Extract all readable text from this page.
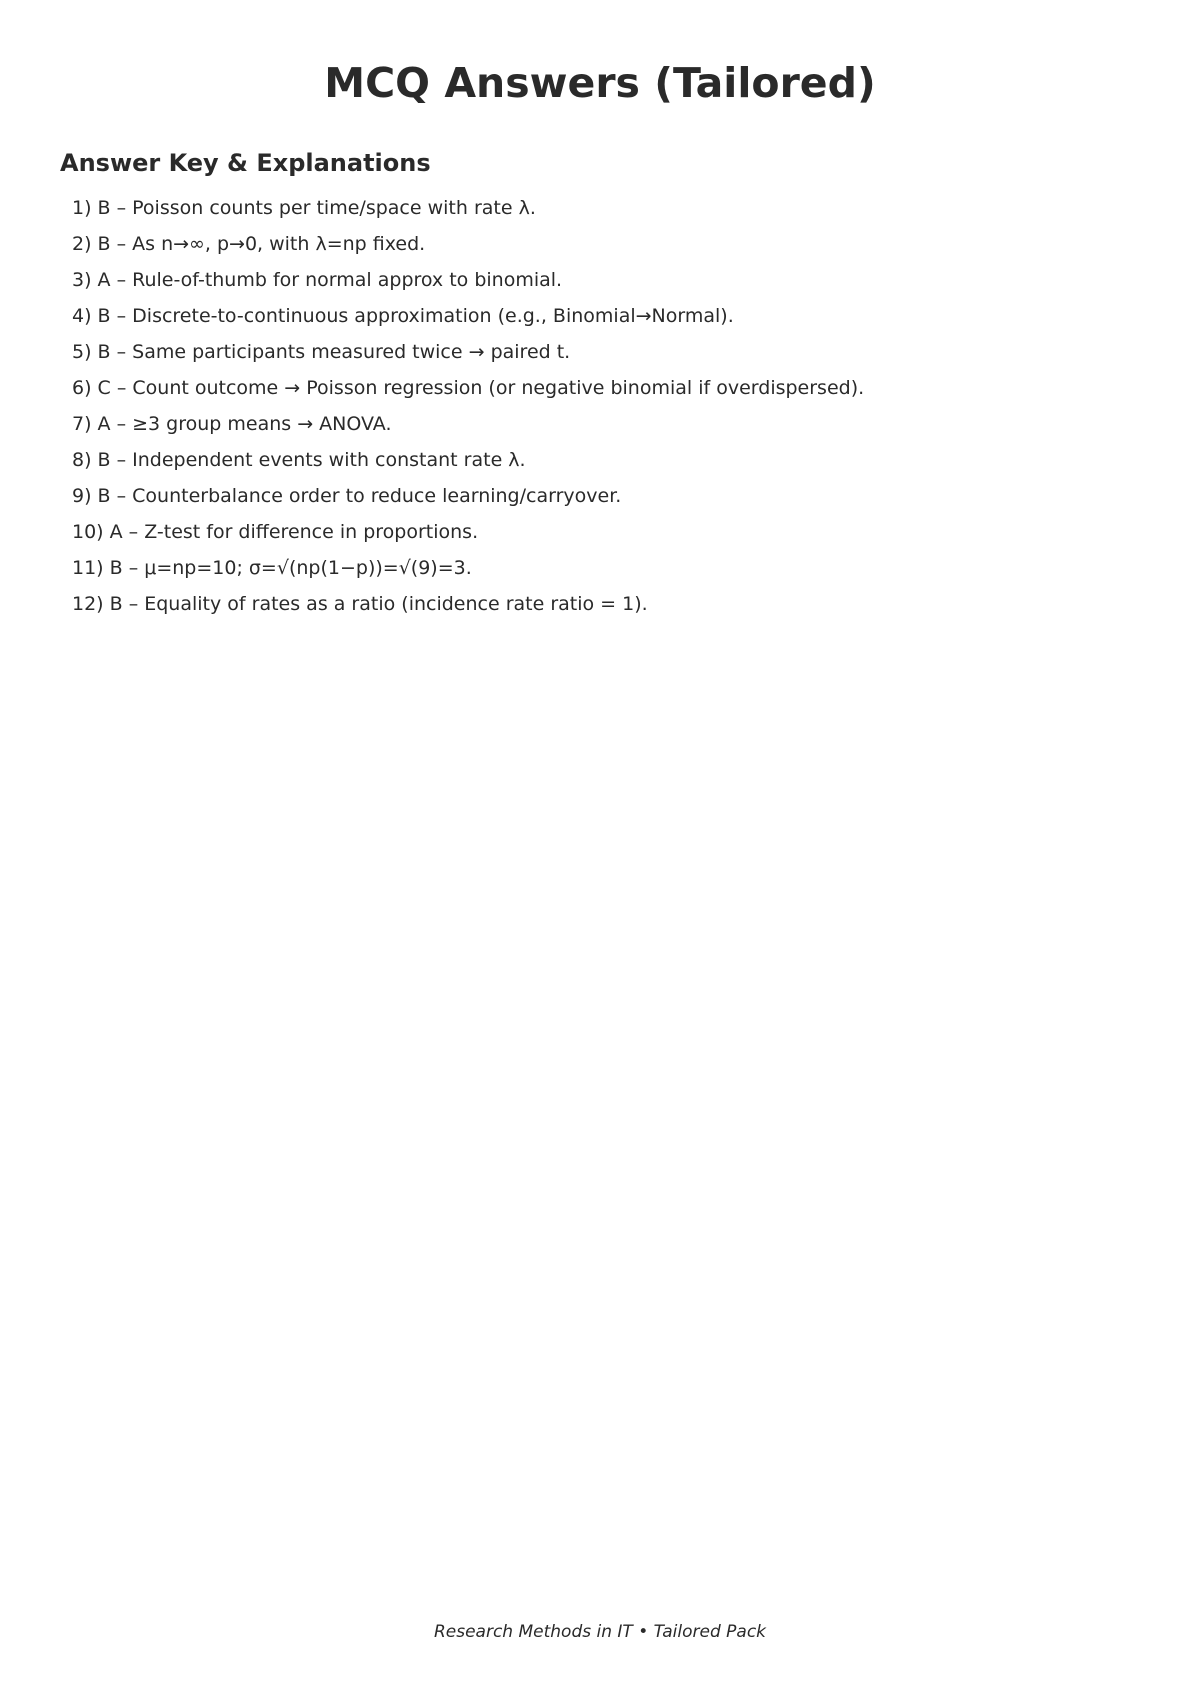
MCQ Answers (Tailored)
Answer Key & Explanations
1) B – Poisson counts per time/space with rate λ.
2) B – As n→∞, p→0, with λ=np fixed.
3) A – Rule-of-thumb for normal approx to binomial.
4) B – Discrete-to-continuous approximation (e.g., Binomial→Normal).
5) B – Same participants measured twice → paired t.
6) C – Count outcome → Poisson regression (or negative binomial if overdispersed).
7) A – ≥3 group means → ANOVA.
8) B – Independent events with constant rate λ.
9) B – Counterbalance order to reduce learning/carryover.
10) A – Z-test for difference in proportions.
11) B – μ=np=10; σ=√(np(1−p))=√(9)=3.
12) B – Equality of rates as a ratio (incidence rate ratio = 1).
Research Methods in IT • Tailored Pack
